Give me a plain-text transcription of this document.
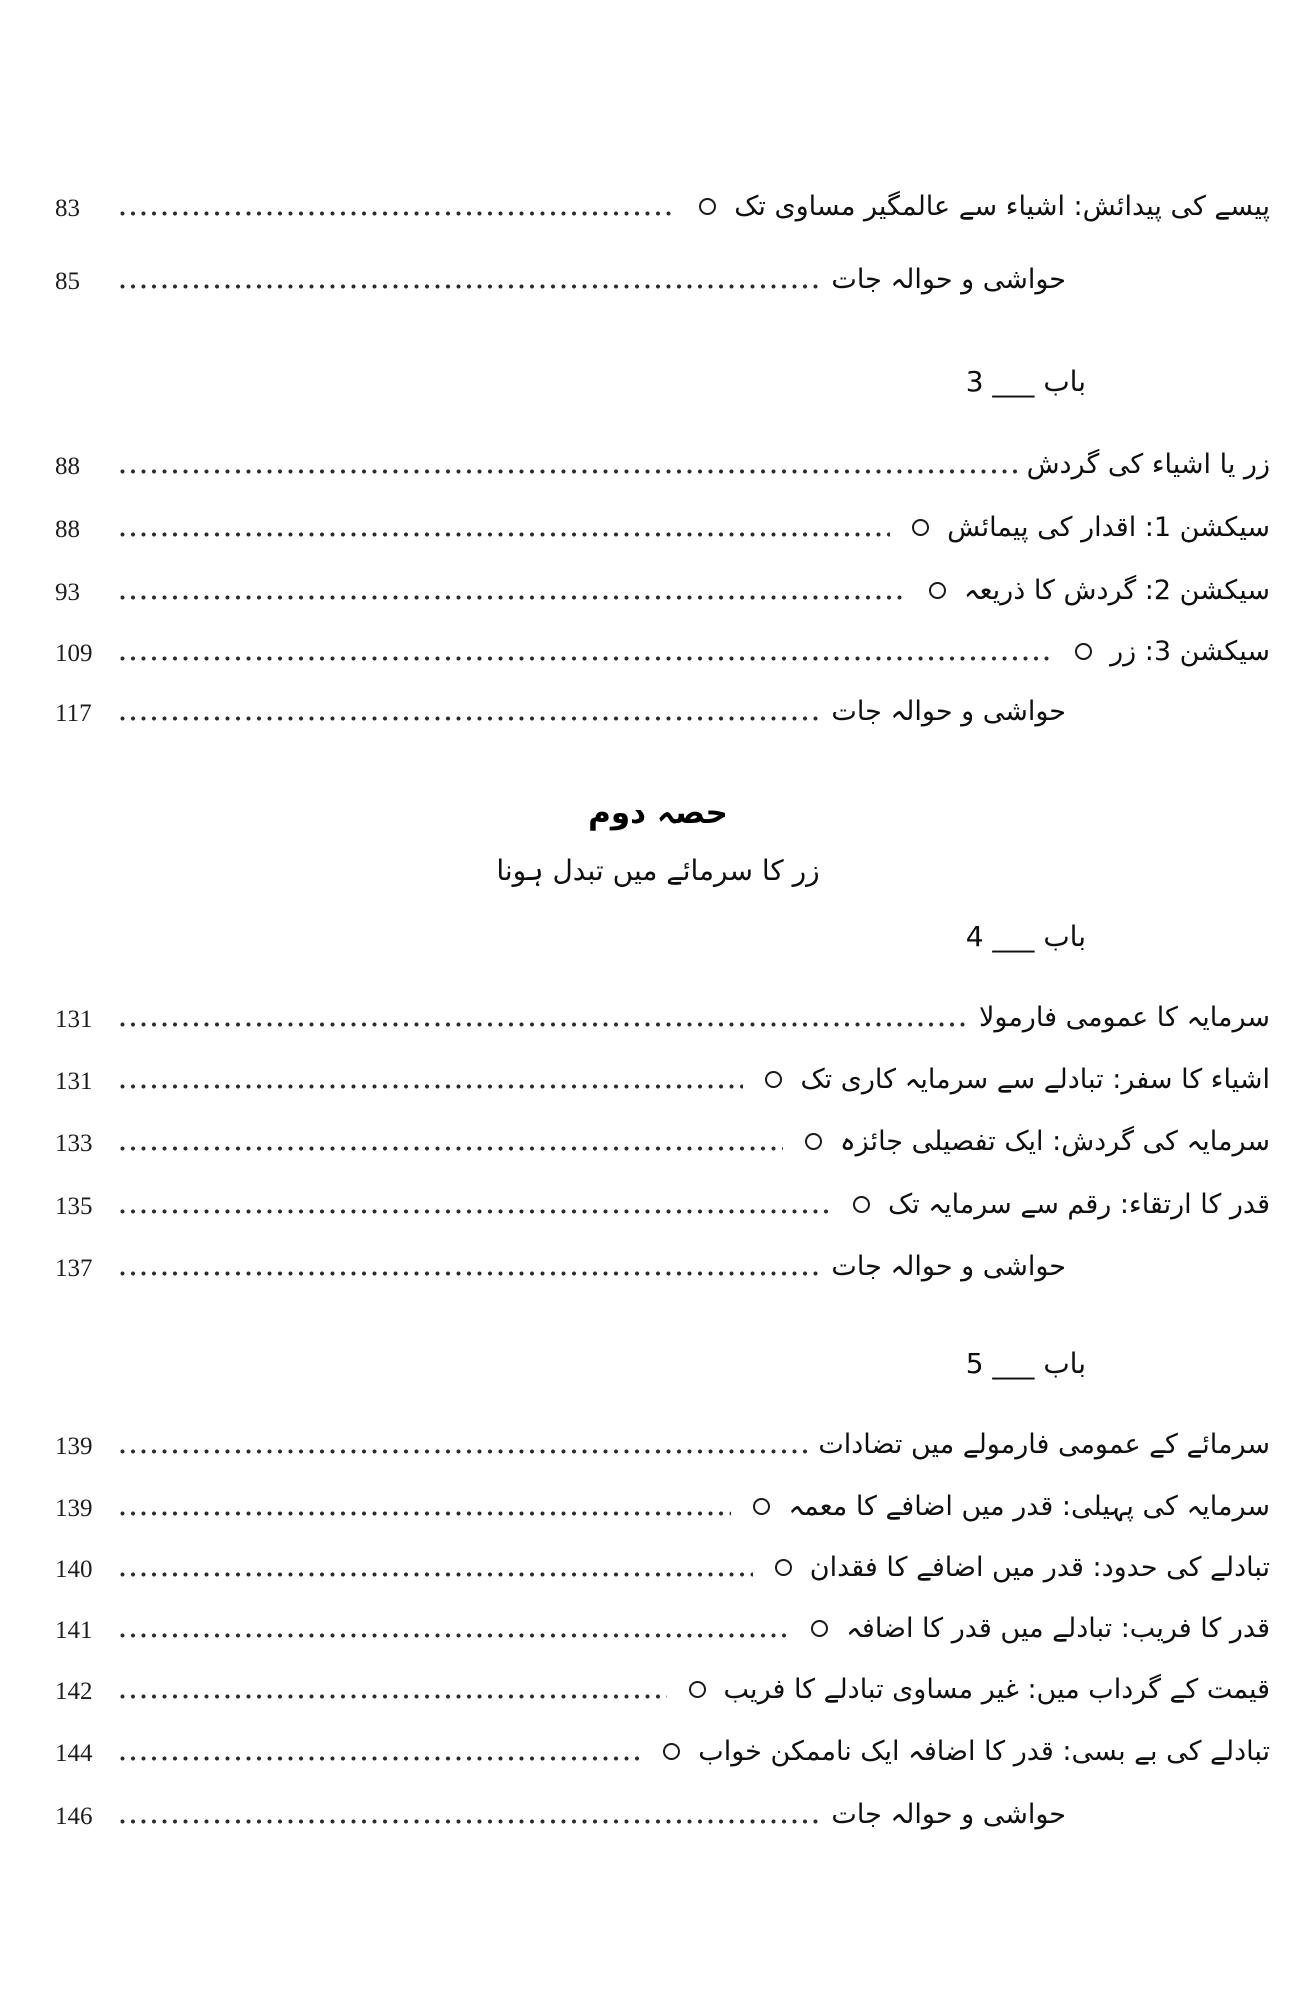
حصہ دوم
زر کا سرمائے میں تبدل ہونا
83	پیسے کی پیدائش: اشیاء سے عالمگیر مساوی تک
85	حواشی و حوالہ جات
باب ___ 3
88	زر یا اشیاء کی گردش
88	سیکشن 1: اقدار کی پیمائش
93	سیکشن 2: گردش کا ذریعہ
109	سیکشن 3: زر
117	حواشی و حوالہ جات
باب ___ 4
131	سرمایہ کا عمومی فارمولا
131	اشیاء کا سفر: تبادلے سے سرمایہ کاری تک
133	سرمایہ کی گردش: ایک تفصیلی جائزہ
135	قدر کا ارتقاء: رقم سے سرمایہ تک
137	حواشی و حوالہ جات
باب ___ 5
139	سرمائے کے عمومی فارمولے میں تضادات
139	سرمایہ کی پہیلی: قدر میں اضافے کا معمہ
140	تبادلے کی حدود: قدر میں اضافے کا فقدان
141	قدر کا فریب: تبادلے میں قدر کا اضافہ
142	قیمت کے گرداب میں: غیر مساوی تبادلے کا فریب
144	تبادلے کی بے بسی: قدر کا اضافہ ایک ناممکن خواب
146	حواشی و حوالہ جات
